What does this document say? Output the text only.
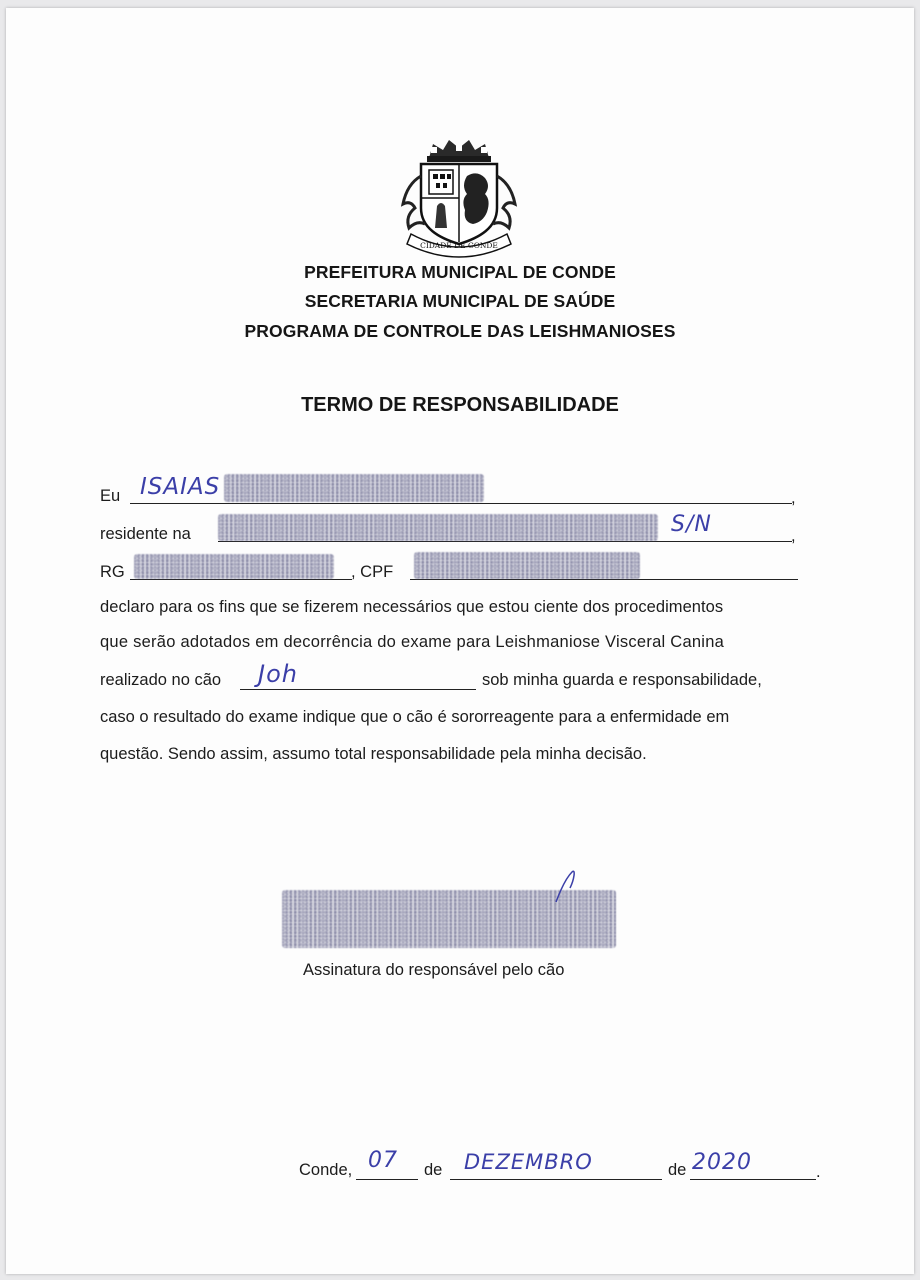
CIDADE DE CONDE
PREFEITURA MUNICIPAL DE CONDE
SECRETARIA MUNICIPAL DE SAÚDE
PROGRAMA DE CONTROLE DAS LEISHMANIOSES
TERMO DE RESPONSABILIDADE
Eu ISAIAS	,
residente na	S/N	,
RG	, CPF
declaro para os fins que se fizerem necessários que estou ciente dos procedimentos
que serão adotados em decorrência do exame para Leishmaniose Visceral Canina
realizado no cão Joh	sob minha guarda e responsabilidade,
caso o resultado do exame indique que o cão é sororreagente para a enfermidade em
questão. Sendo assim, assumo total responsabilidade pela minha decisão.
Assinatura do responsável pelo cão
Conde, 07 de DEZEMBRO	de 2020	.
